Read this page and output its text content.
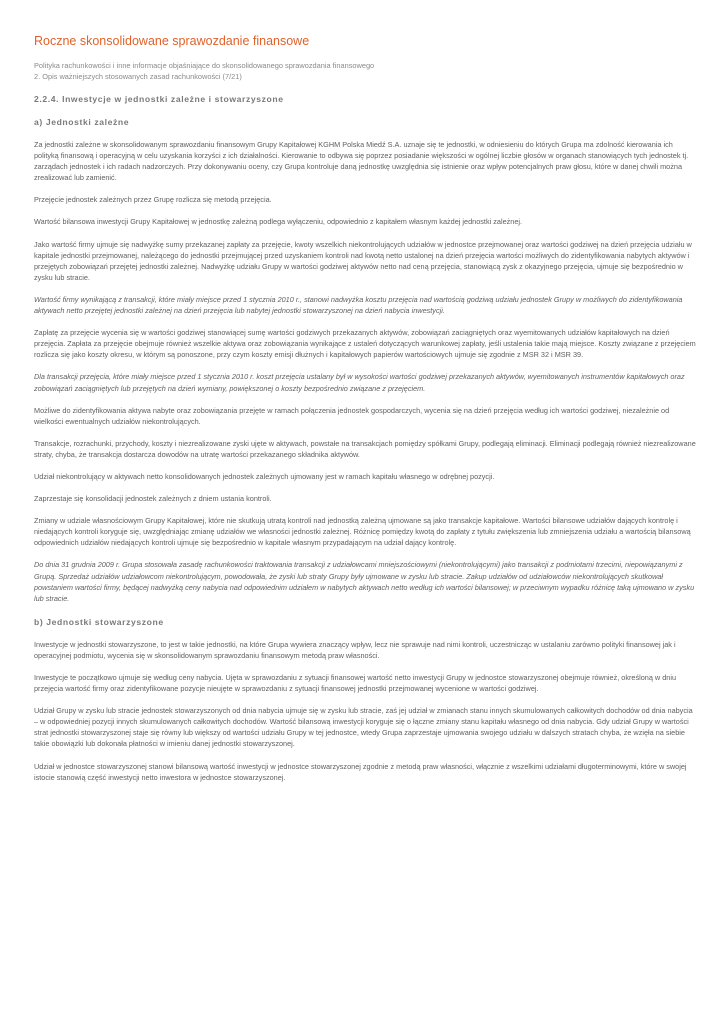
Roczne skonsolidowane sprawozdanie finansowe
Polityka rachunkowości i inne informacje objaśniające do skonsolidowanego sprawozdania finansowego
2. Opis ważniejszych stosowanych zasad rachunkowości (7/21)
2.2.4. Inwestycje w jednostki zależne i stowarzyszone
a) Jednostki zależne

Za jednostki zależne w skonsolidowanym sprawozdaniu finansowym Grupy Kapitałowej KGHM Polska Miedź S.A. uznaje się te jednostki, w odniesieniu do których Grupa ma zdolność kierowania ich polityką finansową i operacyjną w celu uzyskania korzyści z ich działalności. Kierowanie to odbywa się poprzez posiadanie większości w ogólnej liczbie głosów w organach stanowiących tych jednostek tj. zarządach jednostek i ich radach nadzorczych. Przy dokonywaniu oceny, czy Grupa kontroluje daną jednostkę uwzględnia się istnienie oraz wpływ potencjalnych praw głosu, które w danej chwili można zrealizować lub zamienić.

Przejęcie jednostek zależnych przez Grupę rozlicza się metodą przejęcia.

Wartość bilansowa inwestycji Grupy Kapitałowej w jednostkę zależną podlega wyłączeniu, odpowiednio z kapitałem własnym każdej jednostki zależnej.

Jako wartość firmy ujmuje się nadwyżkę sumy przekazanej zapłaty za przejęcie, kwoty wszelkich niekontrolujących udziałów w jednostce przejmowanej oraz wartości godziwej na dzień przejęcia udziału w kapitale jednostki przejmowanej, należącego do jednostki przejmującej przed uzyskaniem kontroli nad kwotą netto ustalonej na dzień przejęcia wartości możliwych do zidentyfikowania nabytych aktywów i przejętych zobowiązań przejętej jednostki zależnej. Nadwyżkę udziału Grupy w wartości godziwej aktywów netto nad ceną przejęcia, stanowiącą zysk z okazyjnego przejęcia, ujmuje się bezpośrednio w zysku lub stracie.

Wartość firmy wynikającą z transakcji, które miały miejsce przed 1 stycznia 2010 r., stanowi nadwyżka kosztu przejęcia nad wartością godziwą udziału jednostek Grupy w możliwych do zidentyfikowania aktywach netto przejętej jednostki zależnej na dzień przejęcia lub nabytej jednostki stowarzyszonej na dzień nabycia inwestycji.

Zapłatę za przejęcie wycenia się w wartości godziwej stanowiącej sumę wartości godziwych przekazanych aktywów, zobowiązań zaciągniętych oraz wyemitowanych udziałów kapitałowych na dzień przejęcia. Zapłata za przejęcie obejmuje również wszelkie aktywa oraz zobowiązania wynikające z ustaleń dotyczących warunkowej zapłaty, jeśli ustalenia takie mają miejsce. Koszty związane z przejęciem rozlicza się jako koszty okresu, w którym są ponoszone, przy czym koszty emisji dłużnych i kapitałowych papierów wartościowych ujmuje się zgodnie z MSR 32 i MSR 39.

Dla transakcji przejęcia, które miały miejsce przed 1 stycznia 2010 r. koszt przejęcia ustalany był w wysokości wartości godziwej przekazanych aktywów, wyemitowanych instrumentów kapitałowych oraz zobowiązań zaciągniętych lub przejętych na dzień wymiany, powiększonej o koszty bezpośrednio związane z przejęciem.

Możliwe do zidentyfikowania aktywa nabyte oraz zobowiązania przejęte w ramach połączenia jednostek gospodarczych, wycenia się na dzień przejęcia według ich wartości godziwej, niezależnie od wielkości ewentualnych udziałów niekontrolujących.

Transakcje, rozrachunki, przychody, koszty i niezrealizowane zyski ujęte w aktywach, powstałe na transakcjach pomiędzy spółkami Grupy, podlegają eliminacji. Eliminacji podlegają również niezrealizowane straty, chyba, że transakcja dostarcza dowodów na utratę wartości przekazanego składnika aktywów.

Udział niekontrolujący w aktywach netto konsolidowanych jednostek zależnych ujmowany jest w ramach kapitału własnego w odrębnej pozycji.

Zaprzestaje się konsolidacji jednostek zależnych z dniem ustania kontroli.

Zmiany w udziale własnościowym Grupy Kapitałowej, które nie skutkują utratą kontroli nad jednostką zależną ujmowane są jako transakcje kapitałowe. Wartości bilansowe udziałów dających kontrolę i niedających kontroli koryguje się, uwzględniając zmianę udziałów we własności jednostki zależnej. Różnicę pomiędzy kwotą do zapłaty z tytułu zwiększenia lub zmniejszenia udziału a wartością bilansową odpowiednich udziałów niedających kontroli ujmuje się bezpośrednio w kapitale własnym przypadającym na udział dający kontrolę.

Do dnia 31 grudnia 2009 r. Grupa stosowała zasadę rachunkowości traktowania transakcji z udziałowcami mniejszościowymi (niekontrolującymi) jako transakcji z podmiotami trzecimi, niepowiązanymi z Grupą. Sprzedaż udziałów udziałowcom niekontrolującym, powodowała, że zyski lub straty Grupy były ujmowane w zysku lub stracie. Zakup udziałów od udziałowców niekontrolujących skutkował powstaniem wartości firmy, będącej nadwyżką ceny nabycia nad odpowiednim udziałem w nabytych aktywach netto według ich wartości bilansowej; w przeciwnym wypadku różnicę taką ujmowano w zysku lub stracie.

b) Jednostki stowarzyszone

Inwestycje w jednostki stowarzyszone, to jest w takie jednostki, na które Grupa wywiera znaczący wpływ, lecz nie sprawuje nad nimi kontroli, uczestnicząc w ustalaniu zarówno polityki finansowej jak i operacyjnej podmiotu, wycenia się w skonsolidowanym sprawozdaniu finansowym metodą praw własności.

Inwestycje te początkowo ujmuje się według ceny nabycia. Ujęta w sprawozdaniu z sytuacji finansowej wartość netto inwestycji Grupy w jednostce stowarzyszonej obejmuje również, określoną w dniu przejęcia wartość firmy oraz zidentyfikowane pozycje nieujęte w sprawozdaniu z sytuacji finansowej jednostki przejmowanej wycenione w wartości godziwej.

Udział Grupy w zysku lub stracie jednostek stowarzyszonych od dnia nabycia ujmuje się w zysku lub stracie, zaś jej udział w zmianach stanu innych skumulowanych całkowitych dochodów od dnia nabycia – w odpowiedniej pozycji innych skumulowanych całkowitych dochodów. Wartość bilansową inwestycji koryguje się o łączne zmiany stanu kapitału własnego od dnia nabycia. Gdy udział Grupy w wartości strat jednostki stowarzyszonej staje się równy lub większy od wartości udziału Grupy w tej jednostce, wtedy Grupa zaprzestaje ujmowania swojego udziału w dalszych stratach chyba, że wzięła na siebie takie obowiązki lub dokonała płatności w imieniu danej jednostki stowarzyszonej.

Udział w jednostce stowarzyszonej stanowi bilansową wartość inwestycji w jednostce stowarzyszonej zgodnie z metodą praw własności, włącznie z wszelkimi udziałami długoterminowymi, które w swojej istocie stanowią część inwestycji netto inwestora w jednostce stowarzyszonej.
